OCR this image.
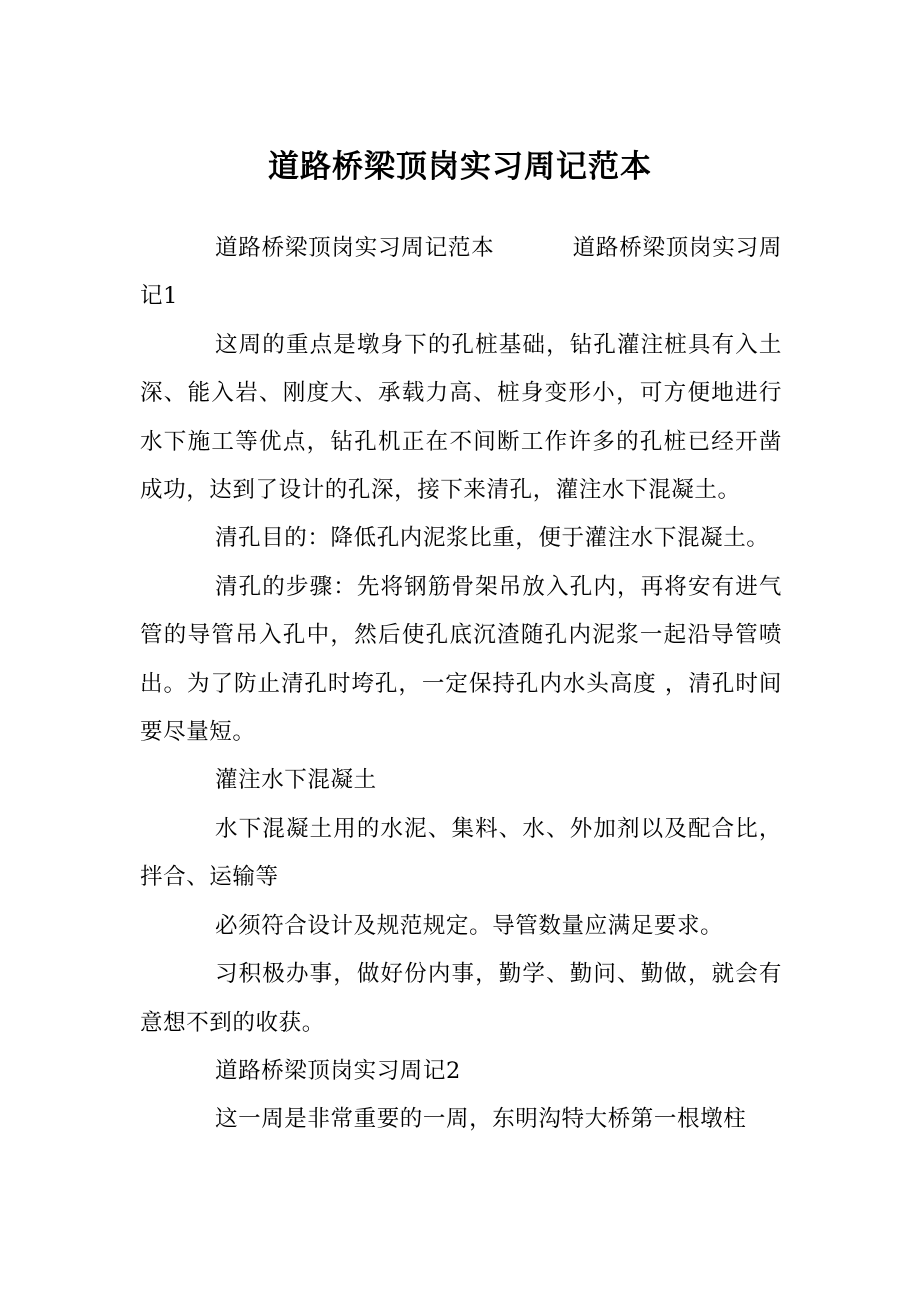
道路桥梁顶岗实习周记范本

道路桥梁顶岗实习周记范本	道路桥梁顶岗实习周记1

这周的重点是墩身下的孔桩基础，钻孔灌注桩具有入土深、能入岩、刚度大、承载力高、桩身变形小，可方便地进行水下施工等优点，钻孔机正在不间断工作许多的孔桩已经开凿成功，达到了设计的孔深，接下来清孔，灌注水下混凝土。

清孔目的：降低孔内泥浆比重，便于灌注水下混凝土。

清孔的步骤：先将钢筋骨架吊放入孔内，再将安有进气管的导管吊入孔中，然后使孔底沉渣随孔内泥浆一起沿导管喷出。为了防止清孔时垮孔，一定保持孔内水头高度 ，清孔时间要尽量短。

灌注水下混凝土

水下混凝土用的水泥、集料、水、外加剂以及配合比，拌合、运输等

必须符合设计及规范规定。导管数量应满足要求。

习积极办事，做好份内事，勤学、勤问、勤做，就会有意想不到的收获。

道路桥梁顶岗实习周记2

这一周是非常重要的一周，东明沟特大桥第一根墩柱
